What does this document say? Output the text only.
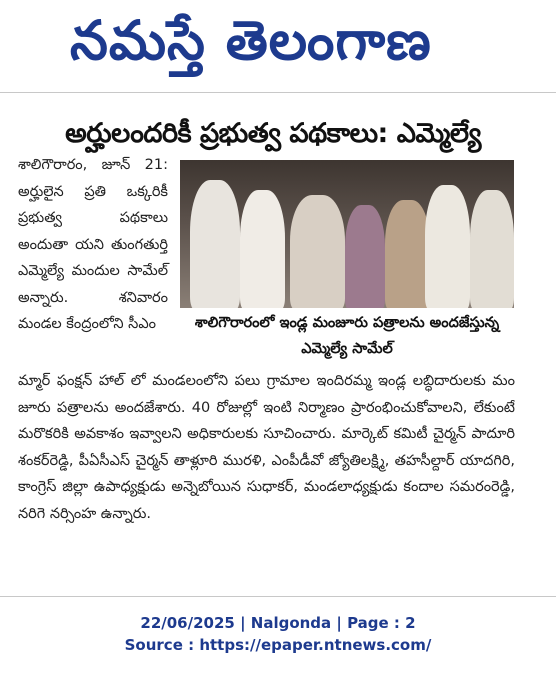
నమస్తే తెలంగాణ
అర్హులందరికీ ప్రభుత్వ పథకాలు: ఎమ్మెల్యే

శాలిగౌరారం, జూన్ 21: అర్హులైన ప్రతి ఒక్కరికీ ప్రభుత్వ పథకాలు అందుతా యని తుంగతుర్తి ఎమ్మెల్యే మందుల సామేల్ అన్నారు. శనివారం మండల కేంద్రంలోని సీఎం	శాలిగౌరారంలో ఇండ్ల మంజూరు పత్రాలను అందజేస్తున్న ఎమ్మెల్యే సామేల్

మ్మార్ ఫంక్షన్ హాల్ లో మండలంలోని పలు గ్రామాల ఇందిరమ్మ ఇండ్ల లబ్ధిదారులకు మం జూరు పత్రాలను అందజేశారు. 40 రోజుల్లో ఇంటి నిర్మాణం ప్రారంభించుకోవాలని, లేకుంటే మరొకరికి అవకాశం ఇవ్వాలని అధికారులకు సూచించారు. మార్కెట్ కమిటీ చైర్మన్ పాదూరి శంకర్‌రెడ్డి, పీఏసీఎస్ చైర్మన్ తాళ్లూరి మురళి, ఎంపీడీవో జ్యోతిలక్ష్మి, తహసీల్దార్ యాదగిరి, కాంగ్రెస్ జిల్లా ఉపాధ్యక్షుడు అన్నెబోయిన సుధాకర్, మండలాధ్యక్షుడు కందాల సమరంరెడ్డి, నరిగె నర్సింహ ఉన్నారు.

22/06/2025 | Nalgonda | Page : 2
Source : https://epaper.ntnews.com/
